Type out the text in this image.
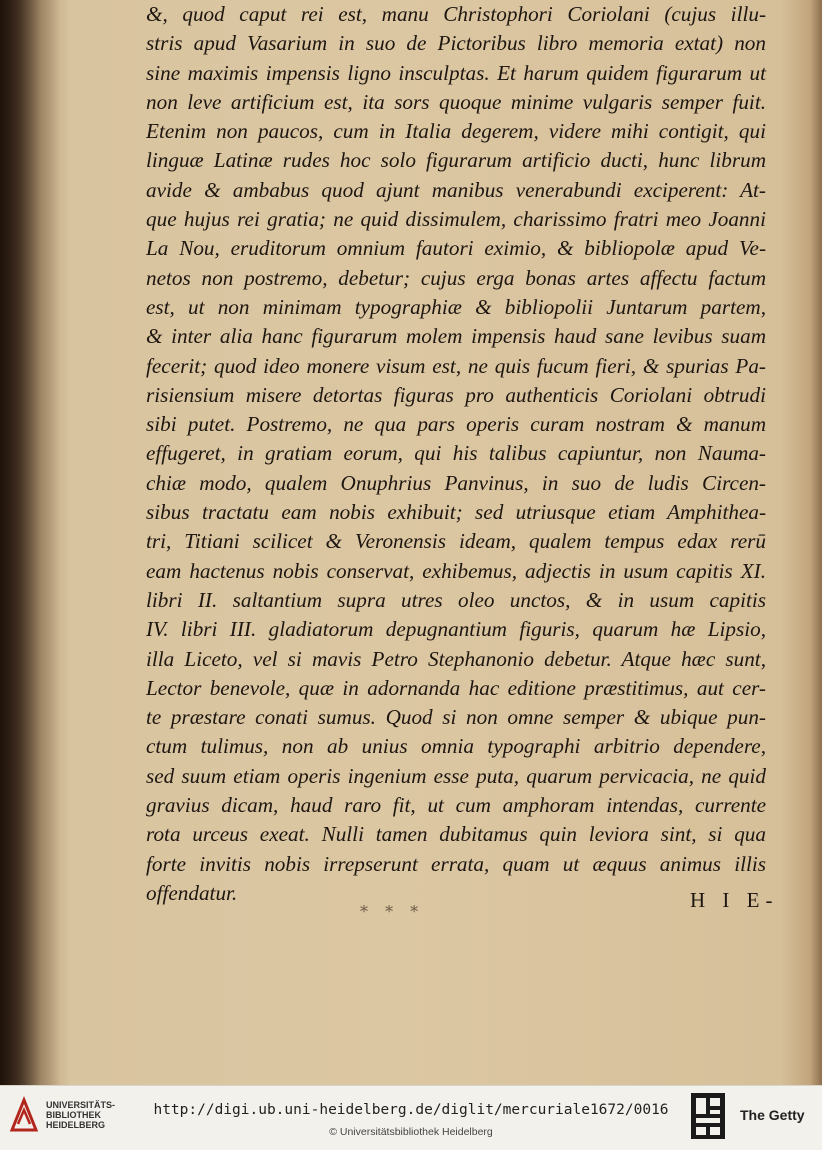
&, quod caput rei est, manu Christophori Coriolani (cujus illu-
stris apud Vasarium in suo de Pictoribus libro memoria extat) non
sine maximis impensis ligno insculptas. Et harum quidem figurarum ut
non leve artificium est, ita sors quoque minime vulgaris semper fuit.
Etenim non paucos, cum in Italia degerem, videre mihi contigit, qui
linguæ Latinæ rudes hoc solo figurarum artificio ducti, hunc librum
avide & ambabus quod ajunt manibus venerabundi exciperent: At-
que hujus rei gratia; ne quid dissimulem, charissimo fratri meo Joanni
La Nou, eruditorum omnium fautori eximio, & bibliopolæ apud Ve-
netos non postremo, debetur; cujus erga bonas artes affectu factum
est, ut non minimam typographiæ & bibliopolii Juntarum partem,
& inter alia hanc figurarum molem impensis haud sane levibus suam
fecerit; quod ideo monere visum est, ne quis fucum fieri, & spurias Pa-
risiensium misere detortas figuras pro authenticis Coriolani obtrudi
sibi putet. Postremo, ne qua pars operis curam nostram & manum
effugeret, in gratiam eorum, qui his talibus capiuntur, non Nauma-
chiæ modo, qualem Onuphrius Panvinus, in suo de ludis Circen-
sibus tractatu eam nobis exhibuit; sed utriusque etiam Amphithea-
tri, Titiani scilicet & Veronensis ideam, qualem tempus edax rerū
eam hactenus nobis conservat, exhibemus, adjectis in usum capitis XI.
libri II. saltantium supra utres oleo unctos, & in usum capitis
IV. libri III. gladiatorum depugnantium figuris, quarum hæ Lipsio,
illa Liceto, vel si mavis Petro Stephanonio debetur. Atque hæc sunt,
Lector benevole, quæ in adornanda hac editione præstitimus, aut cer-
te præstare conati sumus. Quod si non omne semper & ubique pun-
ctum tulimus, non ab unius omnia typographi arbitrio dependere,
sed suum etiam operis ingenium esse puta, quarum pervicacia, ne quid
gravius dicam, haud raro fit, ut cum amphoram intendas, currente
rota urceus exeat. Nulli tamen dubitamus quin leviora sint, si qua
forte invitis nobis irrepserunt errata, quam ut æquus animus illis
offendatur.
* * *	H I E-
UNIVERSITÄTS-
BIBLIOTHEK
HEIDELBERG
http://digi.ub.uni-heidelberg.de/diglit/mercuriale1672/0016
© Universitätsbibliothek Heidelberg
The Getty
